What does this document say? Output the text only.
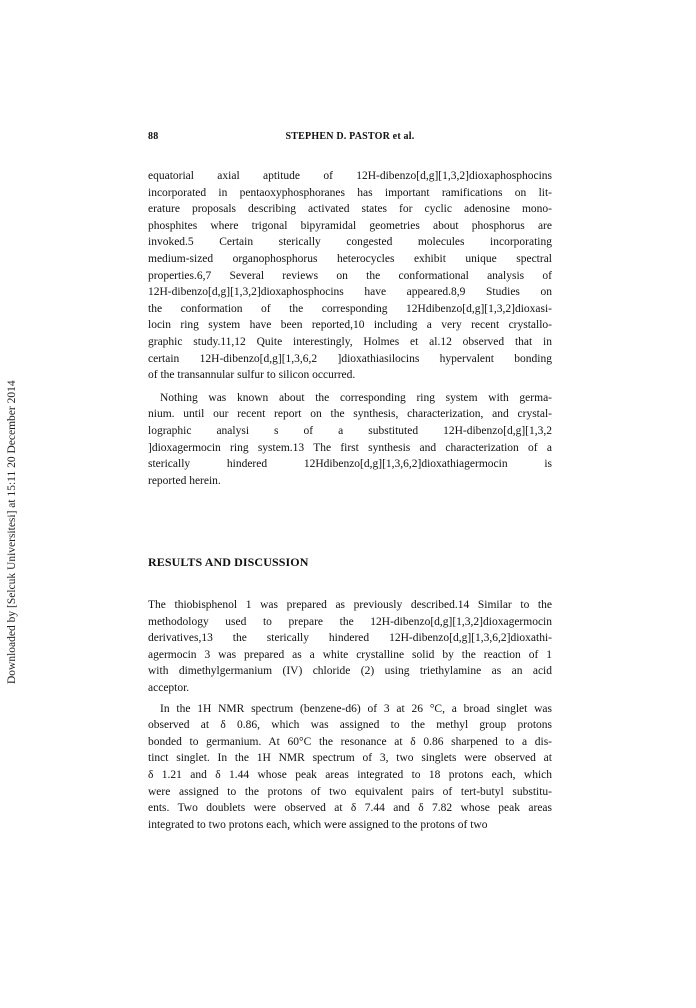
88	STEPHEN D. PASTOR et al.
Downloaded by [Selcuk Universitesi] at 15:11 20 December 2014
equatorial axial aptitude of 12H-dibenzo[d,g][1,3,2]dioxaphosphocins
incorporated in pentaoxyphosphoranes has important ramifications on lit-
erature proposals describing activated states for cyclic adenosine mono-
phosphites where trigonal bipyramidal geometries about phosphorus are
invoked.5 Certain sterically congested molecules incorporating
medium-sized organophosphorus heterocycles exhibit unique spectral
properties.6,7 Several reviews on the conformational analysis of
12H-dibenzo[d,g][1,3,2]dioxaphosphocins have appeared.8,9 Studies on
the conformation of the corresponding 12Hdibenzo[d,g][1,3,2]dioxasi-
locin ring system have been reported,10 including a very recent crystallo-
graphic study.11,12 Quite interestingly, Holmes et al.12 observed that in
certain 12H-dibenzo[d,g][1,3,6,2 ]dioxathiasilocins hypervalent bonding
of the transannular sulfur to silicon occurred.
Nothing was known about the corresponding ring system with germa-
nium. until our recent report on the synthesis, characterization, and crystal-
lographic analysi s of a substituted 12H-dibenzo[d,g][1,3,2
]dioxagermocin ring system.13 The first synthesis and characterization of a
sterically hindered 12Hdibenzo[d,g][1,3,6,2]dioxathiagermocin is
reported herein.
RESULTS AND DISCUSSION
The thiobisphenol 1 was prepared as previously described.14 Similar to the
methodology used to prepare the 12H-dibenzo[d,g][1,3,2]dioxagermocin
derivatives,13 the sterically hindered 12H-dibenzo[d,g][1,3,6,2]dioxathi-
agermocin 3 was prepared as a white crystalline solid by the reaction of 1
with dimethylgermanium (IV) chloride (2) using triethylamine as an acid
acceptor.
In the 1H NMR spectrum (benzene-d6) of 3 at 26 °C, a broad singlet was
observed at δ 0.86, which was assigned to the methyl group protons
bonded to germanium. At 60°C the resonance at δ 0.86 sharpened to a dis-
tinct singlet. In the 1H NMR spectrum of 3, two singlets were observed at
δ 1.21 and δ 1.44 whose peak areas integrated to 18 protons each, which
were assigned to the protons of two equivalent pairs of tert-butyl substitu-
ents. Two doublets were observed at δ 7.44 and δ 7.82 whose peak areas
integrated to two protons each, which were assigned to the protons of two
